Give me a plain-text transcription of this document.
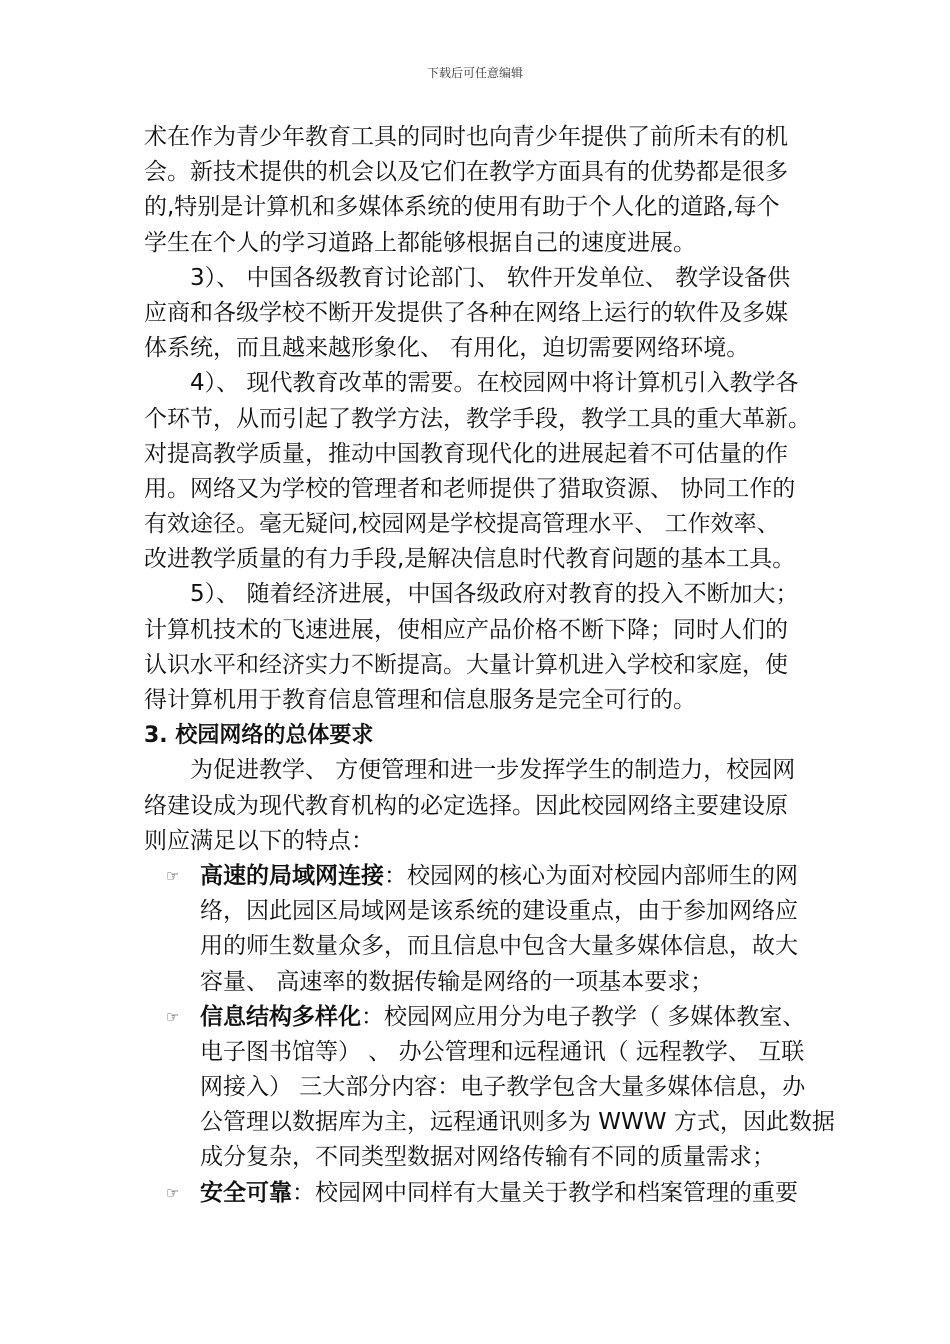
下载后可任意编辑
术在作为青少年教育工具的同时也向青少年提供了前所未有的机
会。新技术提供的机会以及它们在教学方面具有的优势都是很多
的,特别是计算机和多媒体系统的使用有助于个人化的道路,每个
学生在个人的学习道路上都能够根据自己的速度进展。
3）、 中国各级教育讨论部门、 软件开发单位、 教学设备供
应商和各级学校不断开发提供了各种在网络上运行的软件及多媒
体系统，而且越来越形象化、 有用化，迫切需要网络环境。
4）、 现代教育改革的需要。在校园网中将计算机引入教学各
个环节，从而引起了教学方法，教学手段，教学工具的重大革新。
对提高教学质量，推动中国教育现代化的进展起着不可估量的作
用。网络又为学校的管理者和老师提供了猎取资源、 协同工作的
有效途径。毫无疑问,校园网是学校提高管理水平、 工作效率、
改进教学质量的有力手段,是解决信息时代教育问题的基本工具。
5）、 随着经济进展，中国各级政府对教育的投入不断加大；
计算机技术的飞速进展，使相应产品价格不断下降；同时人们的
认识水平和经济实力不断提高。大量计算机进入学校和家庭，使
得计算机用于教育信息管理和信息服务是完全可行的。
3. 校园网络的总体要求
为促进教学、 方便管理和进一步发挥学生的制造力，校园网
络建设成为现代教育机构的必定选择。因此校园网络主要建设原
则应满足以下的特点：
☞ 高速的局域网连接：校园网的核心为面对校园内部师生的网
络，因此园区局域网是该系统的建设重点，由于参加网络应
用的师生数量众多，而且信息中包含大量多媒体信息，故大
容量、 高速率的数据传输是网络的一项基本要求；
☞ 信息结构多样化：校园网应用分为电子教学（ 多媒体教室、
电子图书馆等） 、 办公管理和远程通讯（ 远程教学、 互联
网接入） 三大部分内容：电子教学包含大量多媒体信息，办
公管理以数据库为主，远程通讯则多为 WWW 方式，因此数据
成分复杂，不同类型数据对网络传输有不同的质量需求；
☞ 安全可靠：校园网中同样有大量关于教学和档案管理的重要
